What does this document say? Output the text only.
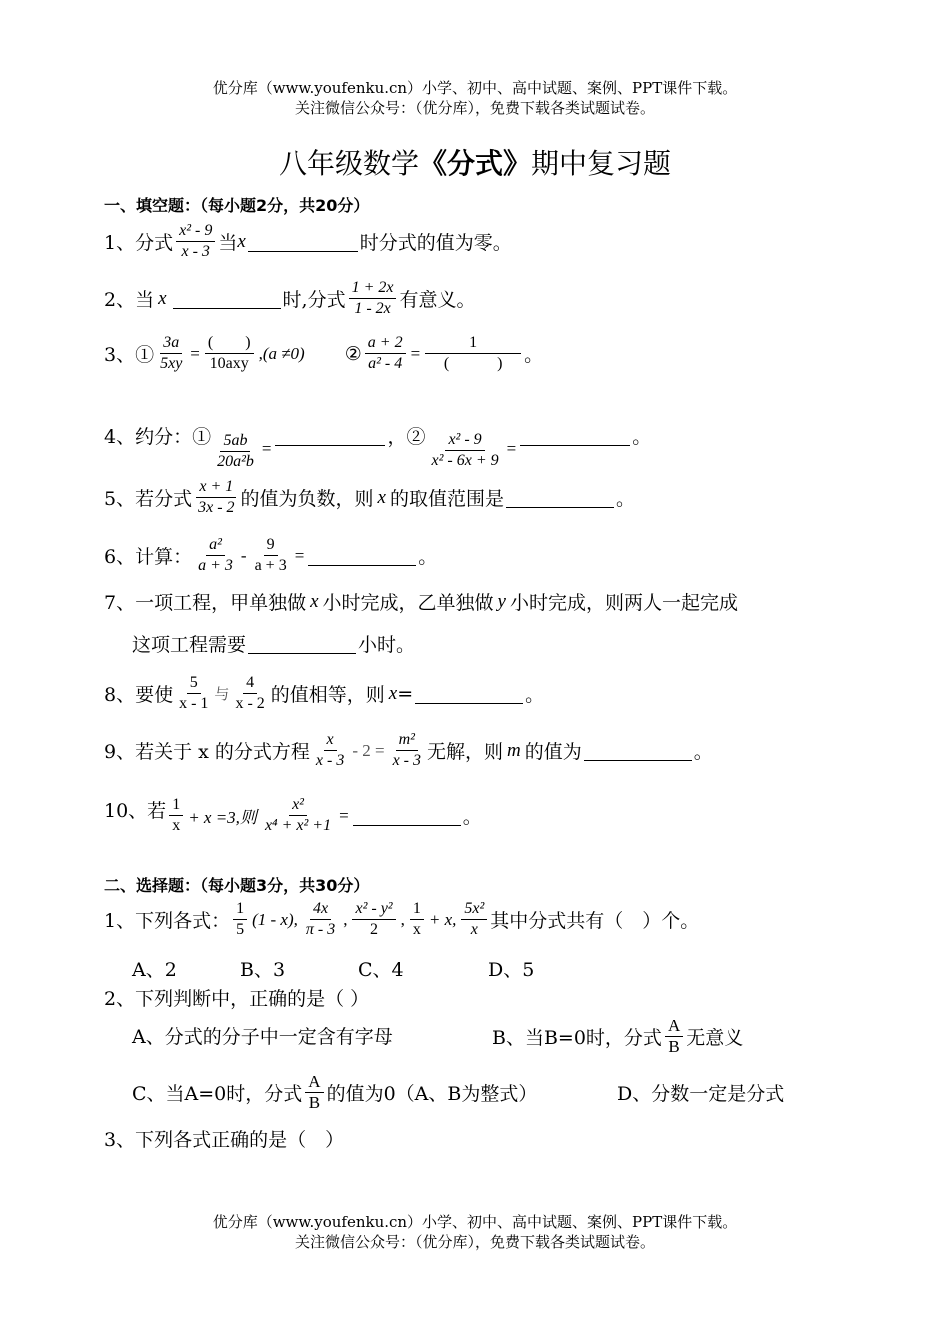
优分库（www.youfenku.cn）小学、初中、高中试题、案例、PPT课件下载。
关注微信公众号：（优分库），免费下载各类试题试卷。
八年级数学《分式》期中复习题
一、填空题：（每小题2分，共20分）
1、分式 $\frac{\text{x² - 9}}{x - 3}$ 当 x	时分式的值为零。
2、当 x	时,分式 $\frac{1 + 2x}{1 - 2x}$ 有意义。
3、① $\frac{3a}{5xy} = \frac{( )}{\text{10axy}} ,(a \ne 0)$ ② $\frac{a + 2}{\text{a² - 4}} = \frac{1}{( )}$ 。
4、约分：① $\frac{5ab}{\text{20a²b}}$ =	，② $\frac{\text{x² - 9}}{\text{x² - 6x + 9}}$ =	。
5、若分式 $\frac{x + 1}{3x - 2}$ 的值为负数，则 x 的取值范围是	。
6、计算： $\frac{\text{a²}}{a + 3} - \frac{9}{a + 3}$ =	。
7、一项工程，甲单独做 x 小时完成，乙单独做 y 小时完成，则两人一起完成
这项工程需要	小时。
8、要使 $\frac{5}{x - 1}$ 与 $\frac{4}{x - 2}$ 的值相等，则 x =	。
9、若关于 x 的分式方程 $\frac{x}{x - 3} - 2 = \frac{\text{m²}}{x - 3}$ 无解，则 m 的值为	。
10、若 $\frac{1}{x} + x =3$,则 $\frac{\text{x²}}{\text{x⁴ + x² +1}}$ =	。
二、选择题：（每小题3分，共30分）
1、下列各式： $\frac{1}{5} (1 - x)$, $\frac{4x}{\pi - 3}$ , $\frac{\text{x² - y²}}{2}$ , $\frac{1}{x} + x$, $\frac{\text{5x²}}{x}$ 其中分式共有（　）个。
A、2	B、3	C、4	D、5
2、下列判断中，正确的是（ ）
A、分式的分子中一定含有字母	B、当B=0时，分式 $\frac{A}{B}$ 无意义
C、当A=0时，分式 $\frac{A}{B}$ 的值为0（A、B为整式）	D、分数一定是分式
3、下列各式正确的是（　）
优分库（www.youfenku.cn）小学、初中、高中试题、案例、PPT课件下载。
关注微信公众号：（优分库），免费下载各类试题试卷。
